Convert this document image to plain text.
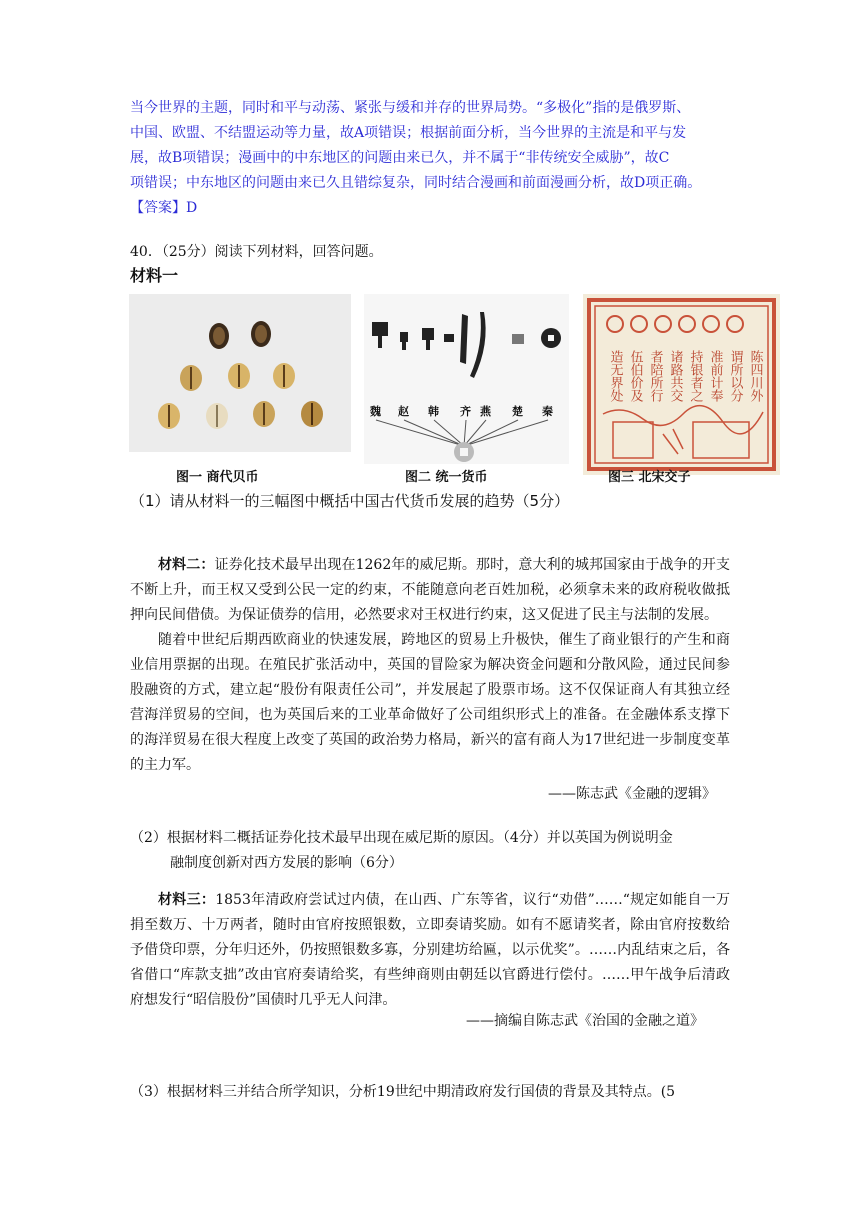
当今世界的主题，同时和平与动荡、紧张与缓和并存的世界局势。“多极化”指的是俄罗斯、

中国、欧盟、不结盟运动等力量，故A项错误；根据前面分析，当今世界的主流是和平与发

展，故B项错误；漫画中的中东地区的问题由来已久，并不属于“非传统安全威胁”，故C

项错误；中东地区的问题由来已久且错综复杂，同时结合漫画和前面漫画分析，故D项正确。

【答案】D

40．（25分）阅读下列材料，回答问题。
材料一
魏 赵 韩 齐 燕 楚 秦
陈四川外
谓所以分
准前计奉
持银者之
诸路共交
者陪所行
伍伯价及
造无界处
图一 商代贝币	图二 统一货币	图三 北宋交子
（1）请从材料一的三幅图中概括中国古代货币发展的趋势（5分）

材料二：证券化技术最早出现在1262年的威尼斯。那时，意大利的城邦国家由于战争的开支不断上升，而王权又受到公民一定的约束，不能随意向老百姓加税，必须拿未来的政府税收做抵押向民间借债。为保证债券的信用，必然要求对王权进行约束，这又促进了民主与法制的发展。

随着中世纪后期西欧商业的快速发展，跨地区的贸易上升极快，催生了商业银行的产生和商业信用票据的出现。在殖民扩张活动中，英国的冒险家为解决资金问题和分散风险，通过民间参股融资的方式，建立起“股份有限责任公司”，并发展起了股票市场。这不仅保证商人有其独立经营海洋贸易的空间，也为英国后来的工业革命做好了公司组织形式上的准备。在金融体系支撑下的海洋贸易在很大程度上改变了英国的政治势力格局，新兴的富有商人为17世纪进一步制度变革的主力军。

——陈志武《金融的逻辑》
（2）根据材料二概括证券化技术最早出现在威尼斯的原因。（4分）并以英国为例说明金
融制度创新对西方发展的影响（6分）

材料三：1853年清政府尝试过内债，在山西、广东等省，议行“劝借”……“规定如能自一万捐至数万、十万两者，随时由官府按照银数，立即奏请奖励。如有不愿请奖者，除由官府按数给予借贷印票，分年归还外，仍按照银数多寡，分别建坊给匾，以示优奖”。……内乱结束之后，各省借口“库款支拙”改由官府奏请给奖，有些绅商则由朝廷以官爵进行偿付。……甲午战争后清政府想发行“昭信股份”国债时几乎无人问津。

——摘编自陈志武《治国的金融之道》
（3）根据材料三并结合所学知识，分析19世纪中期清政府发行国债的背景及其特点。(5
